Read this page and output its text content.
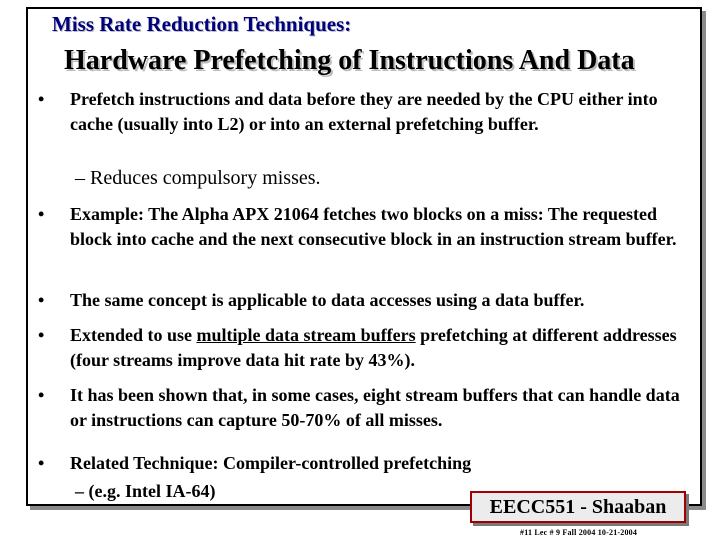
Miss Rate Reduction Techniques:
Hardware Prefetching of Instructions And Data
• Prefetch instructions and data before they are needed by the CPU either into cache (usually into L2) or into an external prefetching buffer.
– Reduces compulsory misses.
• Example: The Alpha APX 21064 fetches two blocks on a miss: The requested block into cache and the next consecutive block in an instruction stream buffer.
• The same concept is applicable to data accesses using a data buffer.
• Extended to use multiple data stream buffers prefetching at different addresses (four streams improve data hit rate by 43%).
• It has been shown that, in some cases, eight stream buffers that can handle data or instructions can capture 50-70% of all misses.
• Related Technique: Compiler-controlled prefetching
– (e.g. Intel IA-64)
EECC551 - Shaaban
#11 Lec # 9 Fall 2004 10-21-2004
